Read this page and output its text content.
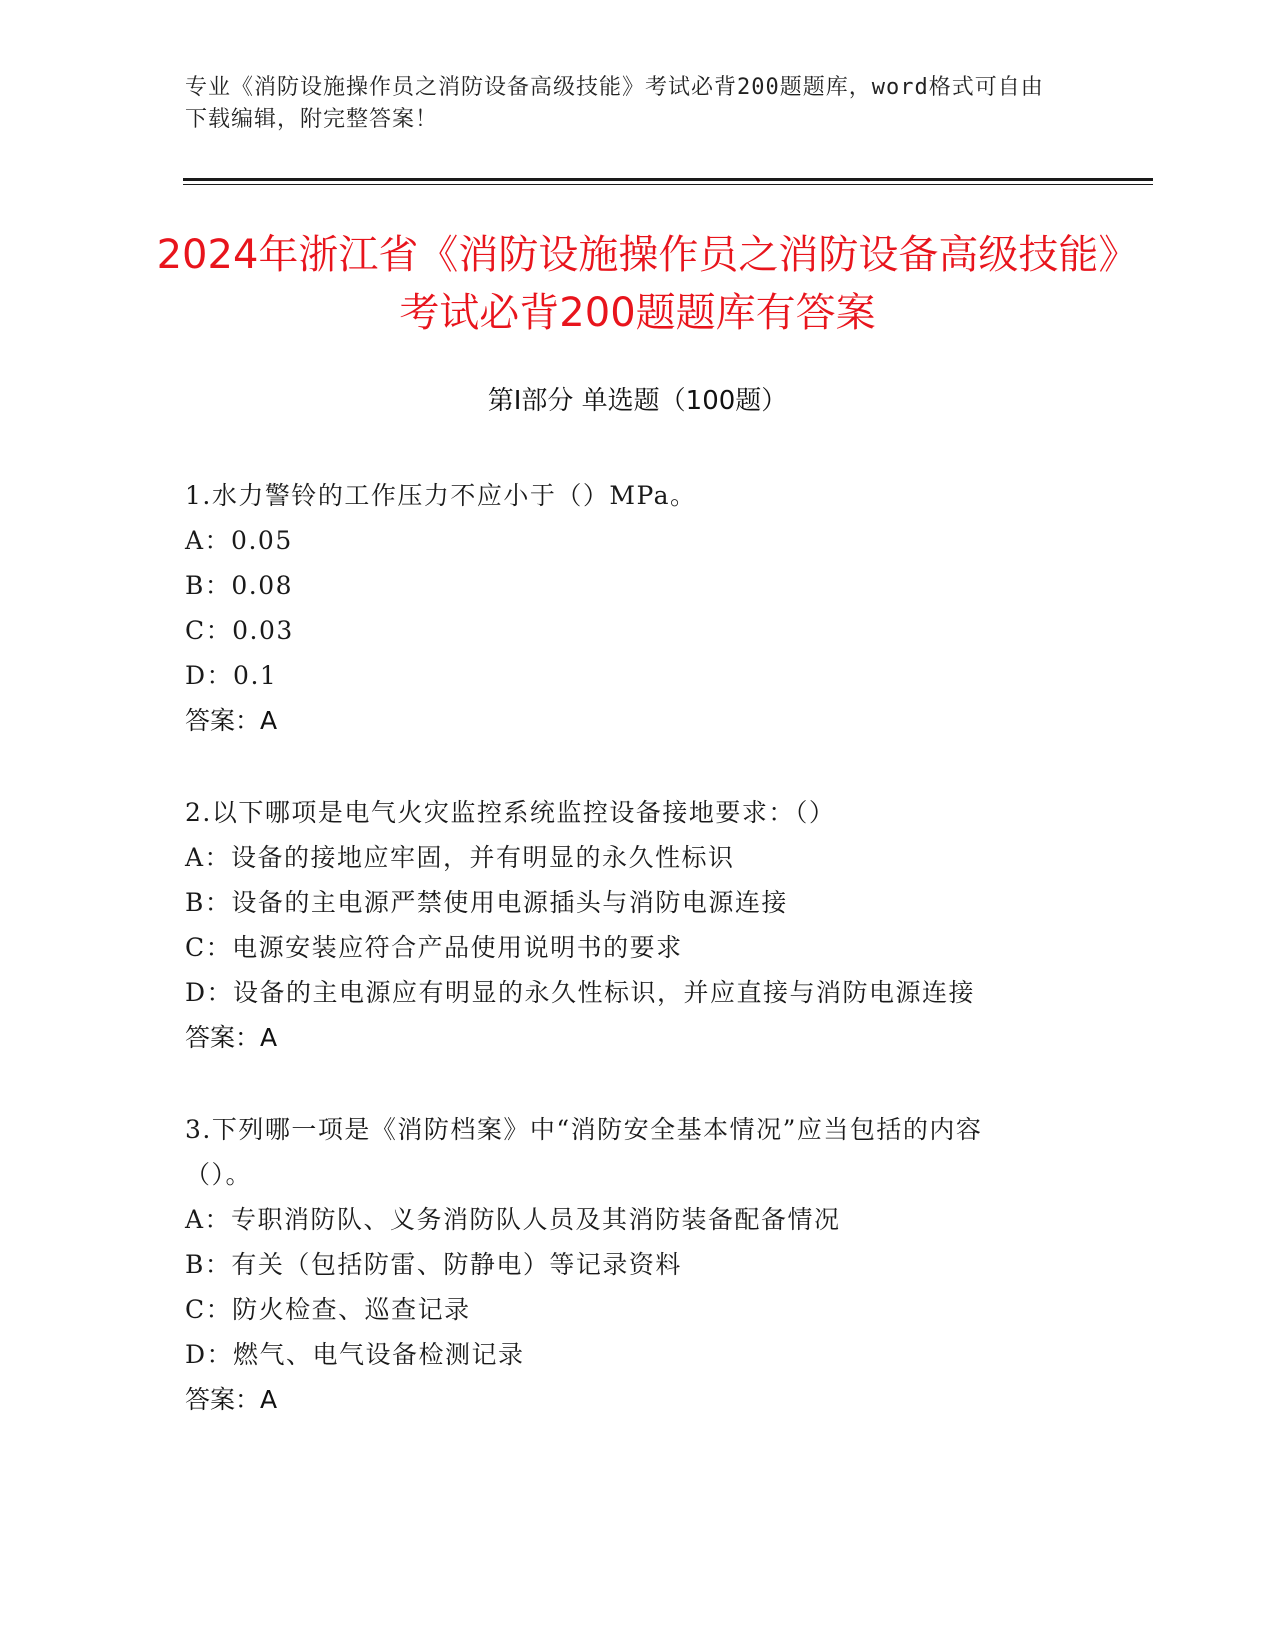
专业《消防设施操作员之消防设备高级技能》考试必背200题题库，word格式可自由下载编辑，附完整答案！
2024年浙江省《消防设施操作员之消防设备高级技能》考试必背200题题库有答案
第I部分 单选题（100题）
1.水力警铃的工作压力不应小于（）MPa。
A：0.05
B：0.08
C：0.03
D：0.1
答案：A
2.以下哪项是电气火灾监控系统监控设备接地要求：（）
A：设备的接地应牢固，并有明显的永久性标识
B：设备的主电源严禁使用电源插头与消防电源连接
C：电源安装应符合产品使用说明书的要求
D：设备的主电源应有明显的永久性标识，并应直接与消防电源连接
答案：A
3.下列哪一项是《消防档案》中“消防安全基本情况”应当包括的内容（）。
A：专职消防队、义务消防队人员及其消防装备配备情况
B：有关（包括防雷、防静电）等记录资料
C：防火检查、巡查记录
D：燃气、电气设备检测记录
答案：A
